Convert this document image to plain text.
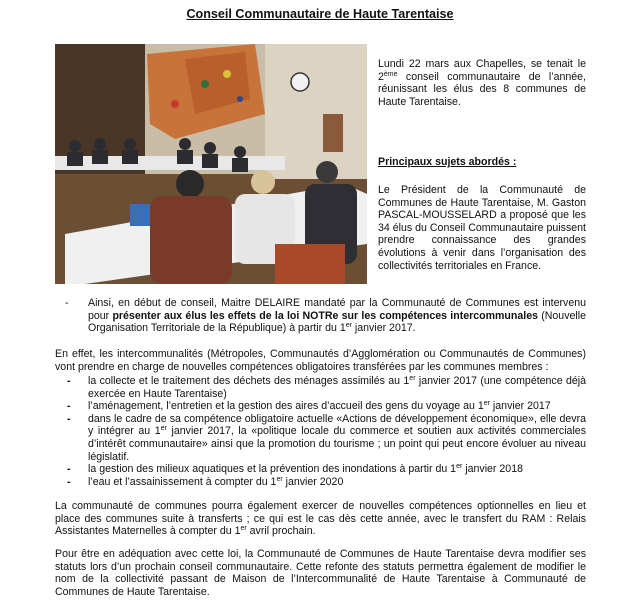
Conseil Communautaire de Haute Tarentaise
Lundi 22 mars aux Chapelles, se tenait le 2ème conseil communautaire de l’année, réunissant les élus des 8 communes de Haute Tarentaise.
Principaux sujets abordés :
Le Président de la Communauté de Communes de Haute Tarentaise, M. Gaston PASCAL-MOUSSELARD a proposé que les 34 élus du Conseil Communautaire puissent prendre connaissance des grandes évolutions à venir dans l’organisation des collectivités territoriales en France.
- Ainsi, en début de conseil, Maitre DELAIRE mandaté par la Communauté de Communes est intervenu pour présenter aux élus les effets de la loi NOTRe sur les compétences intercommunales (Nouvelle Organisation Territoriale de la République) à partir du 1er janvier 2017.
En effet, les intercommunalités (Métropoles, Communautés d’Agglomération ou Communautés de Communes) vont prendre en charge de nouvelles compétences obligatoires transférées par les communes membres :
- la collecte et le traitement des déchets des ménages assimilés au 1er janvier 2017 (une compétence déjà exercée en Haute Tarentaise)
- l’aménagement, l’entretien et la gestion des aires d’accueil des gens du voyage au 1er janvier 2017
- dans le cadre de sa compétence obligatoire actuelle «Actions de développement économique», elle devra y intégrer au 1er janvier 2017, la «politique locale du commerce et soutien aux activités commerciales d’intérêt communautaire» ainsi que la promotion du tourisme ; un point qui peut encore évoluer au niveau législatif.
- la gestion des milieux aquatiques et la prévention des inondations à partir du 1er janvier 2018
- l’eau et l’assainissement à compter du 1er janvier 2020
La communauté de communes pourra également exercer de nouvelles compétences optionnelles en lieu et place des communes suite à transferts ; ce qui est le cas dès cette année, avec le transfert du RAM : Relais Assistantes Maternelles à compter du 1er avril prochain.
Pour être en adéquation avec cette loi, la Communauté de Communes de Haute Tarentaise devra modifier ses statuts lors d’un prochain conseil communautaire. Cette refonte des statuts permettra également de modifier le nom de la collectivité passant de Maison de l’Intercommunalité de Haute Tarentaise à Communauté de Communes de Haute Tarentaise.
